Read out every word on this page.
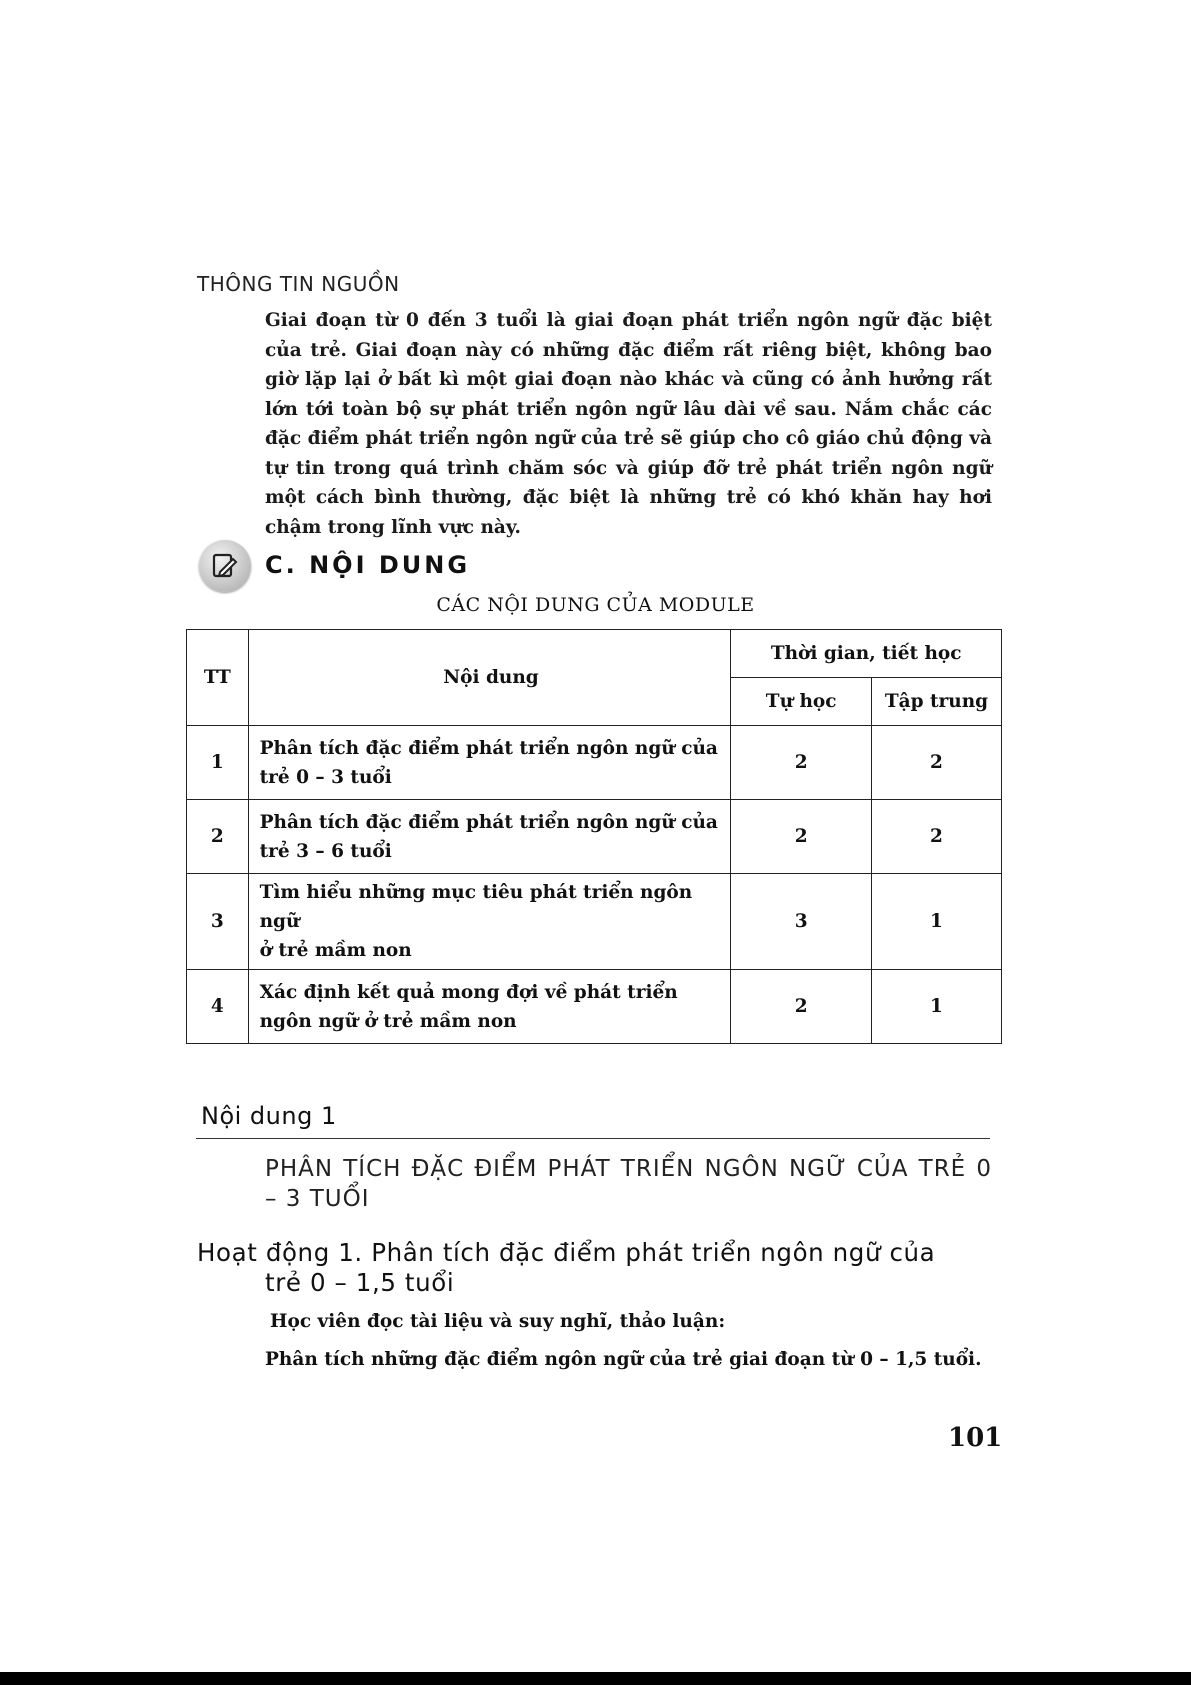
THÔNG TIN NGUỒN
Giai đoạn từ 0 đến 3 tuổi là giai đoạn phát triển ngôn ngữ đặc biệt của trẻ. Giai đoạn này có những đặc điểm rất riêng biệt, không bao giờ lặp lại ở bất kì một giai đoạn nào khác và cũng có ảnh hưởng rất lớn tới toàn bộ sự phát triển ngôn ngữ lâu dài về sau. Nắm chắc các đặc điểm phát triển ngôn ngữ của trẻ sẽ giúp cho cô giáo chủ động và tự tin trong quá trình chăm sóc và giúp đỡ trẻ phát triển ngôn ngữ một cách bình thường, đặc biệt là những trẻ có khó khăn hay hơi chậm trong lĩnh vực này.
C. NỘI DUNG
CÁC NỘI DUNG CỦA MODULE
TT	Nội dung	Thời gian, tiết học	
		Tự học	Tập trung
1	Phân tích đặc điểm phát triển ngôn ngữ của
trẻ 0 – 3 tuổi	2	2
2	Phân tích đặc điểm phát triển ngôn ngữ của
trẻ 3 – 6 tuổi	2	2
3	Tìm hiểu những mục tiêu phát triển ngôn ngữ
ở trẻ mầm non	3	1
4	Xác định kết quả mong đợi về phát triển
ngôn ngữ ở trẻ mầm non	2	1
Nội dung 1
PHÂN TÍCH ĐẶC ĐIỂM PHÁT TRIỂN NGÔN NGỮ CỦA TRẺ 0 – 3 TUỔI
Hoạt động 1. Phân tích đặc điểm phát triển ngôn ngữ của
trẻ 0 – 1,5 tuổi
Học viên đọc tài liệu và suy nghĩ, thảo luận:
Phân tích những đặc điểm ngôn ngữ của trẻ giai đoạn từ 0 – 1,5 tuổi.
101
